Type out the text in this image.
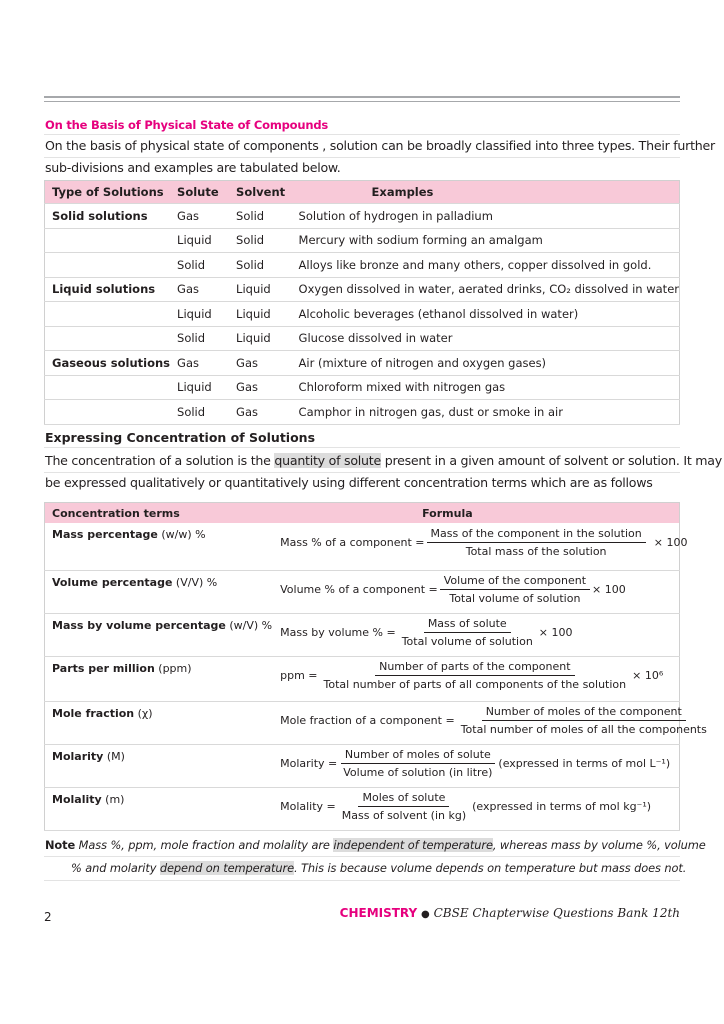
On the Basis of Physical State of Compounds
On the basis of physical state of components , solution can be broadly classified into three types. Their further
sub-divisions and examples are tabulated below.
Type of Solutions	Solute	Solvent	Examples
Solid solutions	Gas	Solid	Solution of hydrogen in palladium
	Liquid	Solid	Mercury with sodium forming an amalgam
	Solid	Solid	Alloys like bronze and many others, copper dissolved in gold.
Liquid solutions	Gas	Liquid	Oxygen dissolved in water, aerated drinks, CO₂ dissolved in water
	Liquid	Liquid	Alcoholic beverages (ethanol dissolved in water)
	Solid	Liquid	Glucose dissolved in water
Gaseous solutions	Gas	Gas	Air (mixture of nitrogen and oxygen gases)
	Liquid	Gas	Chloroform mixed with nitrogen gas
	Solid	Gas	Camphor in nitrogen gas, dust or smoke in air
Expressing Concentration of Solutions
The concentration of a solution is the quantity of solute present in a given amount of solvent or solution. It may
be expressed qualitatively or quantitatively using different concentration terms which are as follows
Concentration terms	Formula
Mass percentage (w/w) %	Mass % of a component = $\frac{\text{Mass of the component in the solution}}{\text{Total mass of the solution}} \times 100$

Volume percentage (V/V) %	Volume % of a component = $\frac{\text{Volume of the component}}{\text{Total volume of solution}} \times 100$

Mass by volume percentage (w/V) %	Mass by volume % = $\frac{\text{Mass of solute}}{\text{Total volume of solution}} \times 100$

Parts per million (ppm)	ppm = $\frac{\text{Number of parts of the component}}{\text{Total number of parts of all components of the solution}} \times 10^6$

Mole fraction (χ)	Mole fraction of a component = $\frac{\text{Number of moles of the component}}{\text{Total number of moles of all the components}}$

Molarity (M)	Molarity = $\frac{\text{Number of moles of solute}}{\text{Volume of solution (in litre)}}$ (expressed in terms of mol L⁻¹)

Molality (m)	Molality = $\frac{\text{Moles of solute}}{\text{Mass of solvent (in kg)}}$ (expressed in terms of mol kg⁻¹)
Note Mass %, ppm, mole fraction and molality are independent of temperature, whereas mass by volume %, volume
% and molarity depend on temperature. This is because volume depends on temperature but mass does not.
2	CHEMISTRY ● CBSE Chapterwise Questions Bank 12th
